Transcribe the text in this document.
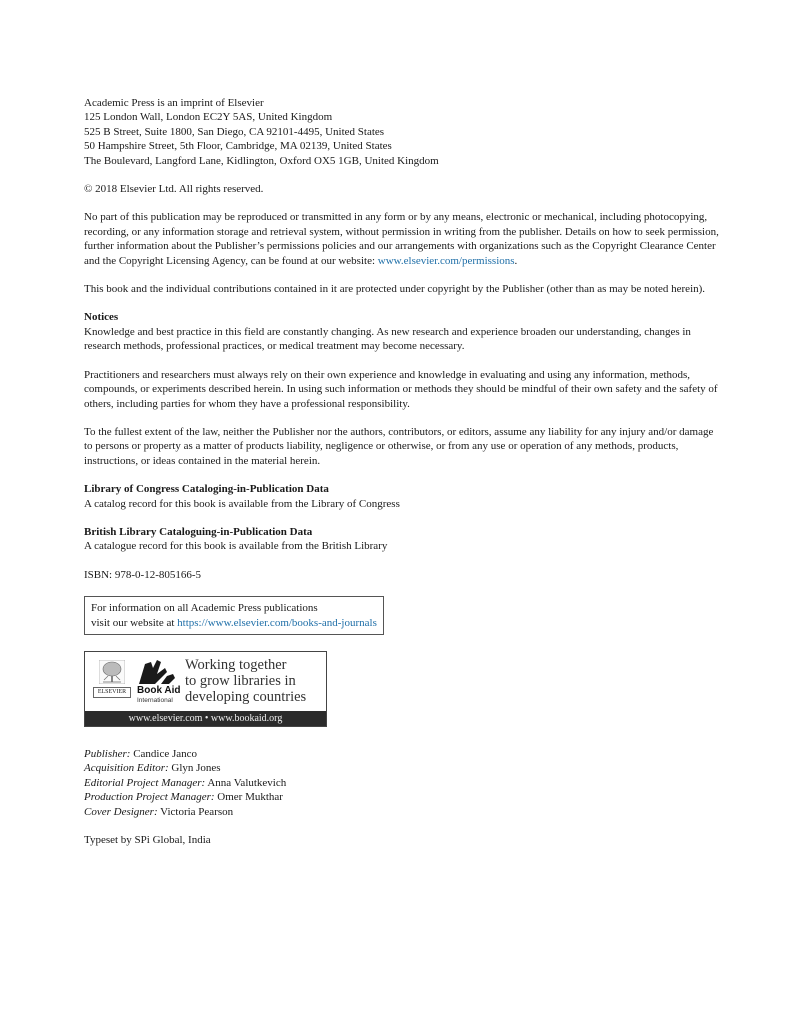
Academic Press is an imprint of Elsevier

125 London Wall, London EC2Y 5AS, United Kingdom

525 B Street, Suite 1800, San Diego, CA 92101-4495, United States

50 Hampshire Street, 5th Floor, Cambridge, MA 02139, United States

The Boulevard, Langford Lane, Kidlington, Oxford OX5 1GB, United Kingdom

© 2018 Elsevier Ltd. All rights reserved.

No part of this publication may be reproduced or transmitted in any form or by any means, electronic or mechanical, including photocopying, recording, or any information storage and retrieval system, without permission in writing from the publisher. Details on how to seek permission, further information about the Publisher’s permissions policies and our arrangements with organizations such as the Copyright Clearance Center and the Copyright Licensing Agency, can be found at our website: www.elsevier.com/permissions.

This book and the individual contributions contained in it are protected under copyright by the Publisher (other than as may be noted herein).

Notices

Knowledge and best practice in this field are constantly changing. As new research and experience broaden our understanding, changes in research methods, professional practices, or medical treatment may become necessary.

Practitioners and researchers must always rely on their own experience and knowledge in evaluating and using any information, methods, compounds, or experiments described herein. In using such information or methods they should be mindful of their own safety and the safety of others, including parties for whom they have a professional responsibility.

To the fullest extent of the law, neither the Publisher nor the authors, contributors, or editors, assume any liability for any injury and/or damage to persons or property as a matter of products liability, negligence or otherwise, or from any use or operation of any methods, products, instructions, or ideas contained in the material herein.

Library of Congress Cataloging-in-Publication Data

A catalog record for this book is available from the Library of Congress

British Library Cataloguing-in-Publication Data

A catalogue record for this book is available from the British Library

ISBN: 978-0-12-805166-5

For information on all Academic Press publications

visit our website at https://www.elsevier.com/books-and-journals

ELSEVIER	Book Aid
International
Working together
to grow libraries in
developing countries
www.elsevier.com • www.bookaid.org

Publisher: Candice Janco

Acquisition Editor: Glyn Jones

Editorial Project Manager: Anna Valutkevich

Production Project Manager: Omer Mukthar

Cover Designer: Victoria Pearson

Typeset by SPi Global, India
